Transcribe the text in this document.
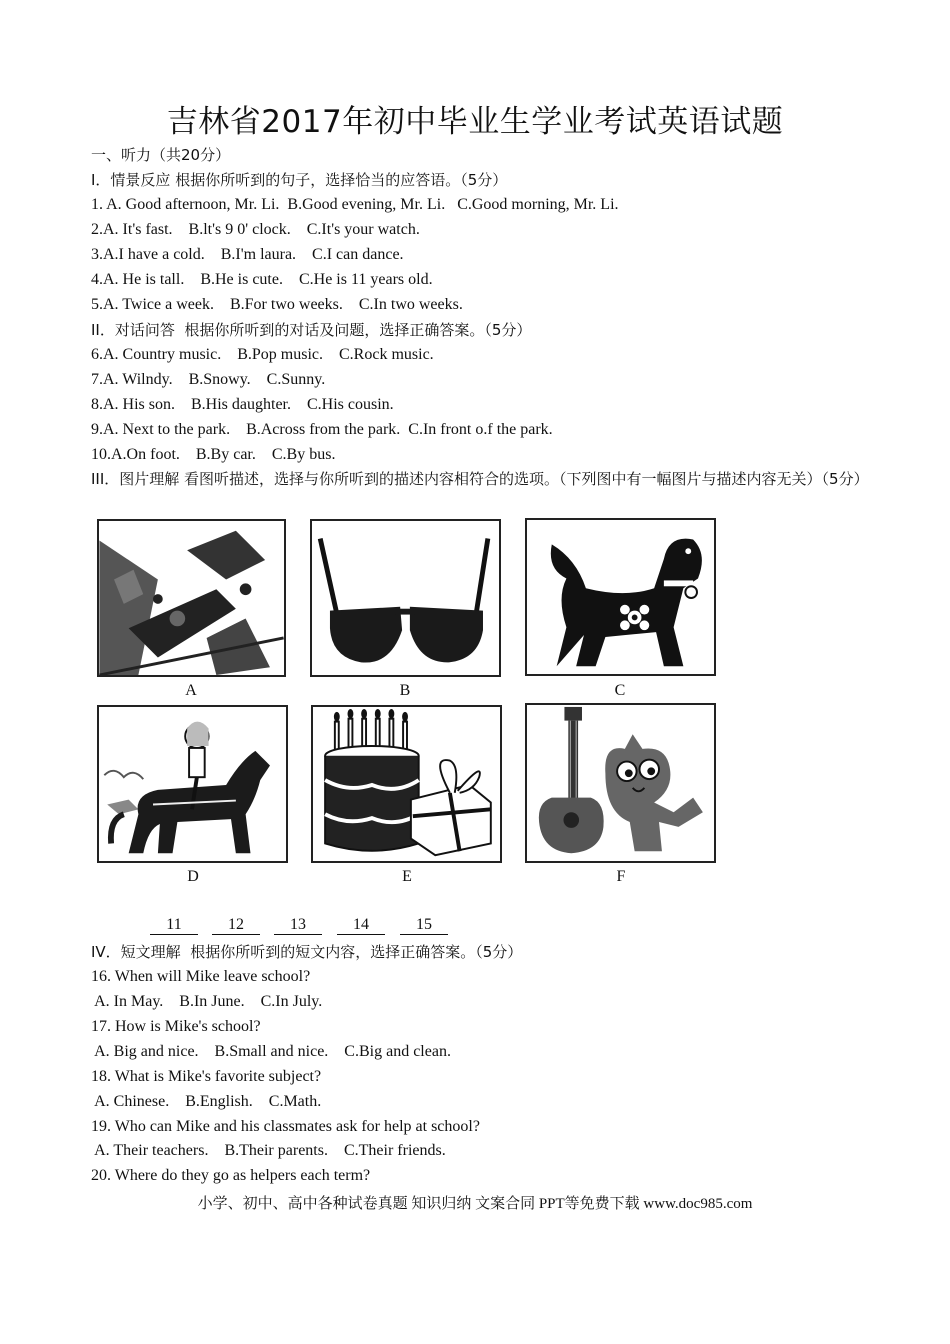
吉林省2017年初中毕业生学业考试英语试题
一、听力（共20分）
I．情景反应 根据你所听到的句子，选择恰当的应答语。（5分）
1. A. Good afternoon, Mr. Li.  B.Good evening, Mr. Li.   C.Good morning, Mr. Li.
2.A. It's fast.    B.lt's 9 0' clock.    C.It's your watch.
3.A.I have a cold.    B.I'm laura.    C.I can dance.
4.A. He is tall.    B.He is cute.    C.He is 11 years old.
5.A. Twice a week.    B.For two weeks.    C.In two weeks.
II．对话问答  根据你所听到的对话及问题，选择正确答案。（5分）
6.A. Country music.    B.Pop music.    C.Rock music.
7.A. Wilndy.    B.Snowy.    C.Sunny.
8.A. His son.    B.His daughter.    C.His cousin.
9.A. Next to the park.    B.Across from the park.  C.In front o.f the park.
10.A.On foot.    B.By car.    C.By bus.
III．图片理解 看图听描述，选择与你所听到的描述内容相符合的选项。（下列图中有一幅图片与描述内容无关）（5分）
A	B	C
D	E	F
11	12	13	14	15
IV．短文理解  根据你所听到的短文内容，选择正确答案。（5分）
16. When will Mike leave school?
A. In May.    B.In June.    C.In July.
17. How is Mike's school?
A. Big and nice.    B.Small and nice.    C.Big and clean.
18. What is Mike's favorite subject?
A. Chinese.    B.English.    C.Math.
19. Who can Mike and his classmates ask for help at school?
A. Their teachers.    B.Their parents.    C.Their friends.
20. Where do they go as helpers each term?
小学、初中、高中各种试卷真题 知识归纳 文案合同 PPT等免费下载 www.doc985.com
